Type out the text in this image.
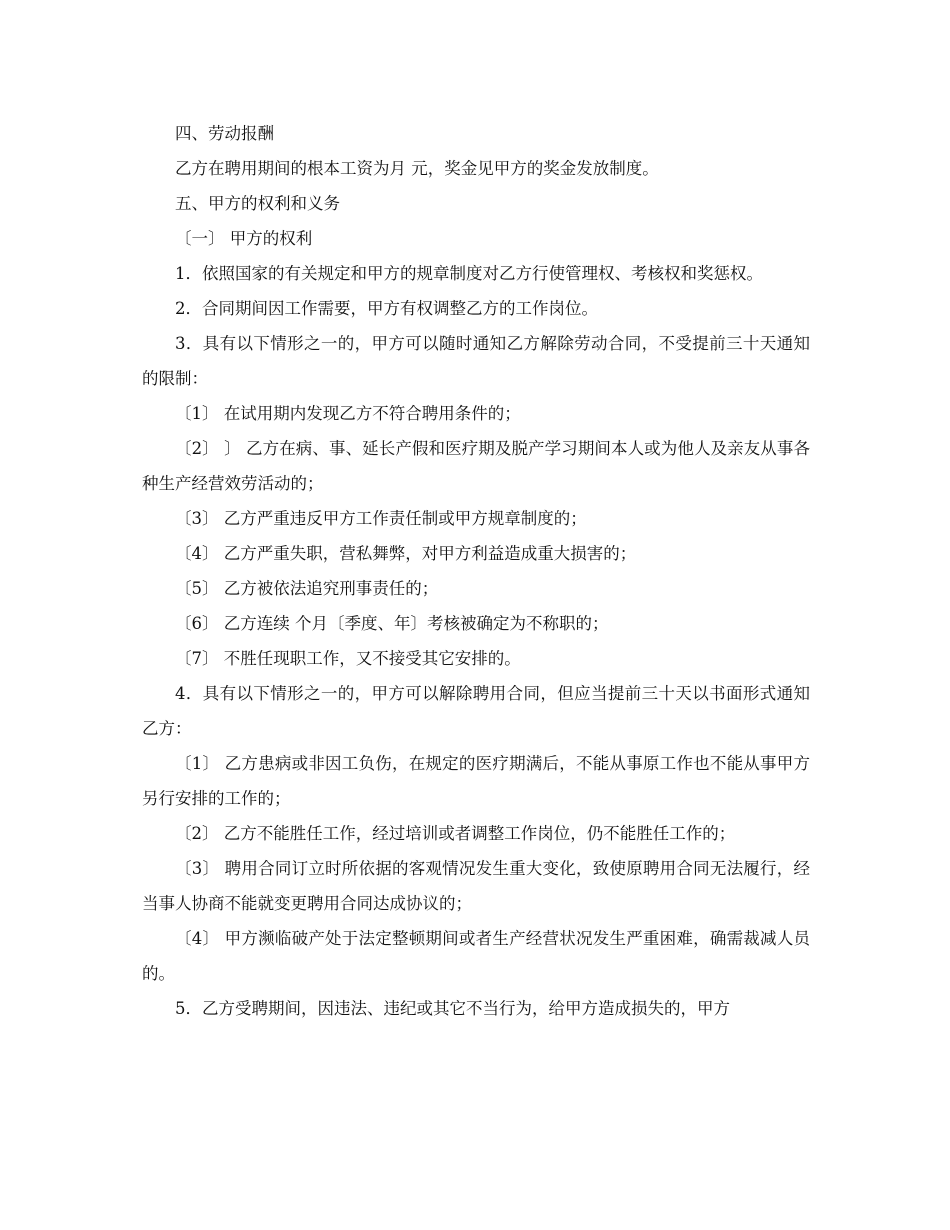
四、劳动报酬

乙方在聘用期间的根本工资为月 元，奖金见甲方的奖金发放制度。

五、甲方的权利和义务

〔一〕 甲方的权利

1．依照国家的有关规定和甲方的规章制度对乙方行使管理权、考核权和奖惩权。

2．合同期间因工作需要，甲方有权调整乙方的工作岗位。

3．具有以下情形之一的，甲方可以随时通知乙方解除劳动合同，不受提前三十天通知的限制：

〔1〕 在试用期内发现乙方不符合聘用条件的；

〔2〕 〕 乙方在病、事、延长产假和医疗期及脱产学习期间本人或为他人及亲友从事各种生产经营效劳活动的；

〔3〕 乙方严重违反甲方工作责任制或甲方规章制度的；

〔4〕 乙方严重失职，营私舞弊，对甲方利益造成重大损害的；

〔5〕 乙方被依法追究刑事责任的；

〔6〕 乙方连续 个月〔季度、年〕考核被确定为不称职的；

〔7〕 不胜任现职工作，又不接受其它安排的。

4．具有以下情形之一的，甲方可以解除聘用合同，但应当提前三十天以书面形式通知乙方：

〔1〕 乙方患病或非因工负伤，在规定的医疗期满后，不能从事原工作也不能从事甲方另行安排的工作的；

〔2〕 乙方不能胜任工作，经过培训或者调整工作岗位，仍不能胜任工作的；

〔3〕 聘用合同订立时所依据的客观情况发生重大变化，致使原聘用合同无法履行，经当事人协商不能就变更聘用合同达成协议的；

〔4〕 甲方濒临破产处于法定整顿期间或者生产经营状况发生严重困难，确需裁减人员的。

5．乙方受聘期间，因违法、违纪或其它不当行为，给甲方造成损失的，甲方
